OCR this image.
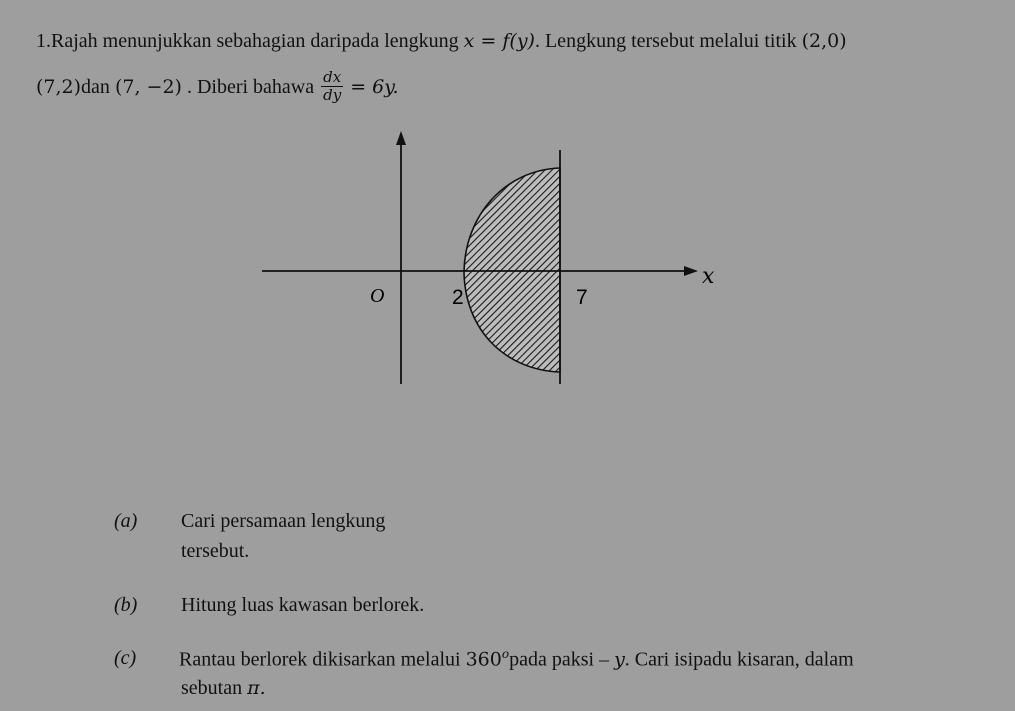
1.Rajah menunjukkan sebahagian daripada lengkung x = f(y). Lengkung tersebut melalui titik (2,0)
(7,2)dan (7, −2) . Diberi bahawa $\frac{dx}{dy} = 6y$.
O
x
2	7
(a) Cari persamaan lengkung
tersebut.
(b) Hitung luas kawasan berlorek.
(c) Rantau berlorek dikisarkan melalui 360$^o$pada paksi – y. Cari isipadu kisaran, dalam
sebutan π.
